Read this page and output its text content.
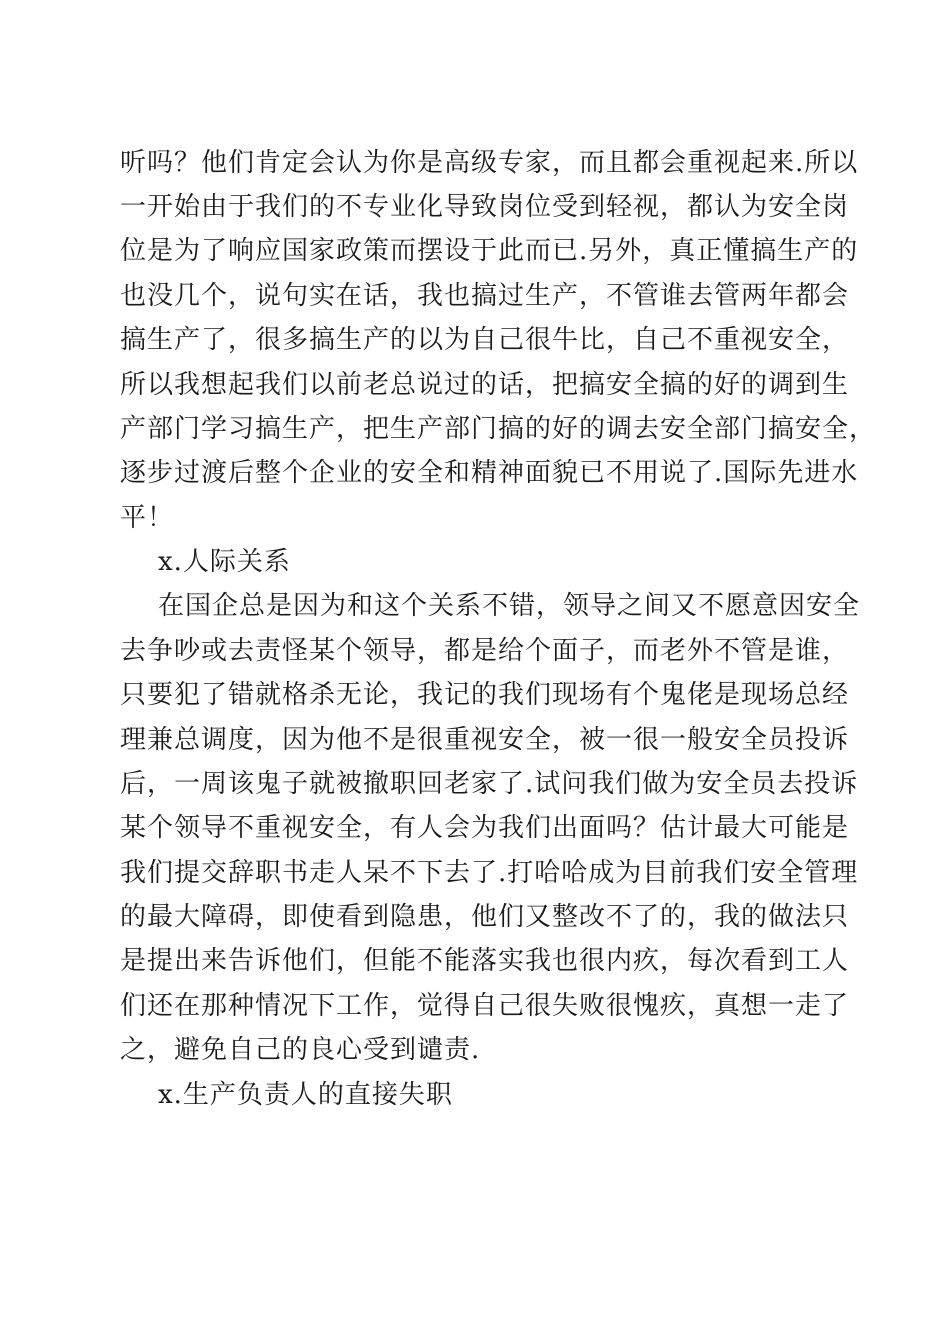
听吗？他们肯定会认为你是高级专家，而且都会重视起来.所以
一开始由于我们的不专业化导致岗位受到轻视，都认为安全岗
位是为了响应国家政策而摆设于此而已.另外，真正懂搞生产的
也没几个，说句实在话，我也搞过生产，不管谁去管两年都会
搞生产了，很多搞生产的以为自己很牛比，自己不重视安全，
所以我想起我们以前老总说过的话，把搞安全搞的好的调到生
产部门学习搞生产，把生产部门搞的好的调去安全部门搞安全，
逐步过渡后整个企业的安全和精神面貌已不用说了.国际先进水
平！
x.人际关系
在国企总是因为和这个关系不错，领导之间又不愿意因安全
去争吵或去责怪某个领导，都是给个面子，而老外不管是谁，
只要犯了错就格杀无论，我记的我们现场有个鬼佬是现场总经
理兼总调度，因为他不是很重视安全，被一很一般安全员投诉
后，一周该鬼子就被撤职回老家了.试问我们做为安全员去投诉
某个领导不重视安全，有人会为我们出面吗？估计最大可能是
我们提交辞职书走人呆不下去了.打哈哈成为目前我们安全管理
的最大障碍，即使看到隐患，他们又整改不了的，我的做法只
是提出来告诉他们，但能不能落实我也很内疚，每次看到工人
们还在那种情况下工作，觉得自己很失败很愧疚，真想一走了
之，避免自己的良心受到谴责.
x.生产负责人的直接失职
